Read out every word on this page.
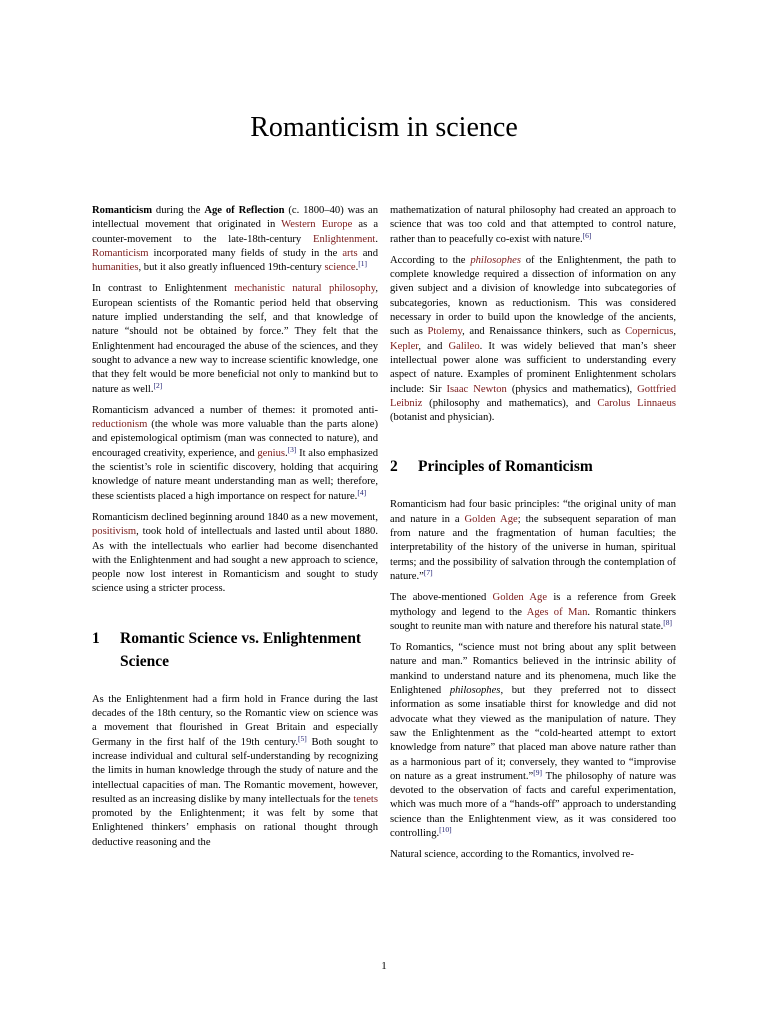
Romanticism in science

Romanticism during the Age of Reflection (c. 1800–40) was an intellectual movement that originated in Western Europe as a counter-movement to the late-18th-century Enlightenment. Romanticism incorporated many fields of study in the arts and humanities, but it also greatly influenced 19th-century science.[1]

In contrast to Enlightenment mechanistic natural philosophy, European scientists of the Romantic period held that observing nature implied understanding the self, and that knowledge of nature “should not be obtained by force.” They felt that the Enlightenment had encouraged the abuse of the sciences, and they sought to advance a new way to increase scientific knowledge, one that they felt would be more beneficial not only to mankind but to nature as well.[2]

Romanticism advanced a number of themes: it promoted anti-reductionism (the whole was more valuable than the parts alone) and epistemological optimism (man was connected to nature), and encouraged creativity, experience, and genius.[3] It also emphasized the scientist’s role in scientific discovery, holding that acquiring knowledge of nature meant understanding man as well; therefore, these scientists placed a high importance on respect for nature.[4]

Romanticism declined beginning around 1840 as a new movement, positivism, took hold of intellectuals and lasted until about 1880. As with the intellectuals who earlier had become disenchanted with the Enlightenment and had sought a new approach to science, people now lost interest in Romanticism and sought to study science using a stricter process.

1	Romantic Science vs. Enlightenment Science

As the Enlightenment had a firm hold in France during the last decades of the 18th century, so the Romantic view on science was a movement that flourished in Great Britain and especially Germany in the first half of the 19th century.[5] Both sought to increase individual and cultural self-understanding by recognizing the limits in human knowledge through the study of nature and the intellectual capacities of man. The Romantic movement, however, resulted as an increasing dislike by many intellectuals for the tenets promoted by the Enlightenment; it was felt by some that Enlightened thinkers’ emphasis on rational thought through deductive reasoning and the

mathematization of natural philosophy had created an approach to science that was too cold and that attempted to control nature, rather than to peacefully co-exist with nature.[6]

According to the philosophes of the Enlightenment, the path to complete knowledge required a dissection of information on any given subject and a division of knowledge into subcategories of subcategories, known as reductionism. This was considered necessary in order to build upon the knowledge of the ancients, such as Ptolemy, and Renaissance thinkers, such as Copernicus, Kepler, and Galileo. It was widely believed that man’s sheer intellectual power alone was sufficient to understanding every aspect of nature. Examples of prominent Enlightenment scholars include: Sir Isaac Newton (physics and mathematics), Gottfried Leibniz (philosophy and mathematics), and Carolus Linnaeus (botanist and physician).

2	Principles of Romanticism

Romanticism had four basic principles: “the original unity of man and nature in a Golden Age; the subsequent separation of man from nature and the fragmentation of human faculties; the interpretability of the history of the universe in human, spiritual terms; and the possibility of salvation through the contemplation of nature.”[7]

The above-mentioned Golden Age is a reference from Greek mythology and legend to the Ages of Man. Romantic thinkers sought to reunite man with nature and therefore his natural state.[8]

To Romantics, “science must not bring about any split between nature and man.” Romantics believed in the intrinsic ability of mankind to understand nature and its phenomena, much like the Enlightened philosophes, but they preferred not to dissect information as some insatiable thirst for knowledge and did not advocate what they viewed as the manipulation of nature. They saw the Enlightenment as the “cold-hearted attempt to extort knowledge from nature” that placed man above nature rather than as a harmonious part of it; conversely, they wanted to “improvise on nature as a great instrument.”[9] The philosophy of nature was devoted to the observation of facts and careful experimentation, which was much more of a “hands-off” approach to understanding science than the Enlightenment view, as it was considered too controlling.[10]

Natural science, according to the Romantics, involved re-

1
